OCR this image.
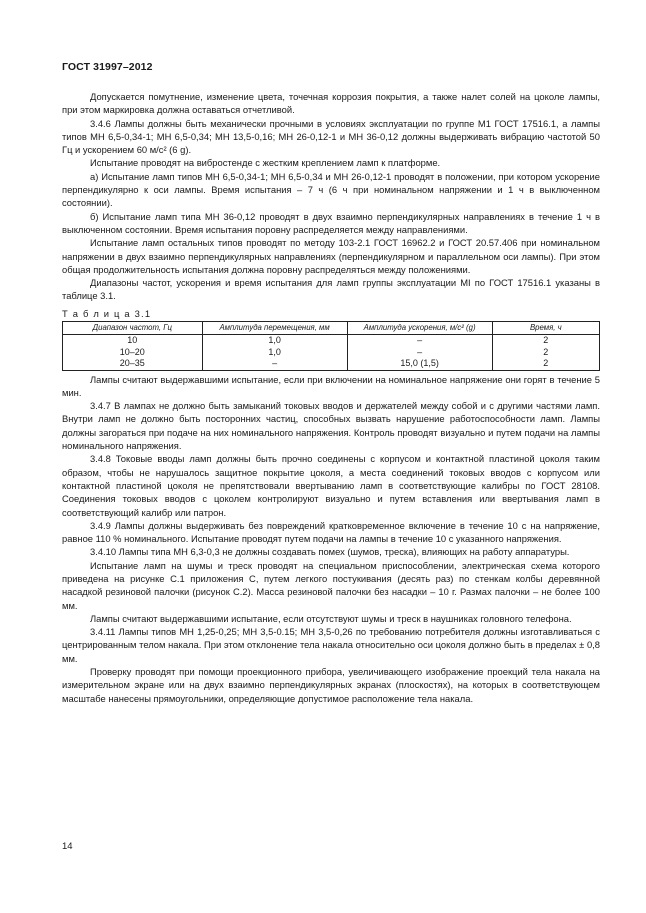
ГОСТ 31997–2012

Допускается помутнение, изменение цвета, точечная коррозия покрытия, а также налет солей на цоколе лампы, при этом маркировка должна оставаться отчетливой.

3.4.6 Лампы должны быть механически прочными в условиях эксплуатации по группе М1 ГОСТ 17516.1, а лампы типов МН 6,5-0,34-1; МН 6,5-0,34; МН 13,5-0,16; МН 26-0,12-1 и МН 36-0,12 должны выдерживать вибрацию частотой 50 Гц и ускорением 60 м/с² (6 g).

Испытание проводят на вибростенде с жестким креплением ламп к платформе.

а) Испытание ламп типов МН 6,5-0,34-1; МН 6,5-0,34 и МН 26-0,12-1 проводят в положении, при котором ускорение перпендикулярно к оси лампы. Время испытания – 7 ч (6 ч при номинальном напряжении и 1 ч в выключенном состоянии).

б) Испытание ламп типа МН 36-0,12 проводят в двух взаимно перпендикулярных направлениях в течение 1 ч в выключенном состоянии. Время испытания поровну распределяется между направлениями.

Испытание ламп остальных типов проводят по методу 103-2.1 ГОСТ 16962.2 и ГОСТ 20.57.406 при номинальном напряжении в двух взаимно перпендикулярных направлениях (перпендикулярном и параллельном оси лампы). При этом общая продолжительность испытания должна поровну распределяться между положениями.

Диапазоны частот, ускорения и время испытания для ламп группы эксплуатации МI по ГОСТ 17516.1 указаны в таблице 3.1.

Т а б л и ц а 3.1
Диапазон частот, Гц	Амплитуда перемещения, мм	Амплитуда ускорения, м/с² (g)	Время, ч
10	1,0	–	2
10–20	1,0	–	2
20–35	–	15,0 (1,5)	2

Лампы считают выдержавшими испытание, если при включении на номинальное напряжение они горят в течение 5 мин.

3.4.7 В лампах не должно быть замыканий токовых вводов и держателей между собой и с другими частями ламп. Внутри ламп не должно быть посторонних частиц, способных вызвать нарушение работоспособности ламп. Лампы должны загораться при подаче на них номинального напряжения. Контроль проводят визуально и путем подачи на лампы номинального напряжения.

3.4.8 Токовые вводы ламп должны быть прочно соединены с корпусом и контактной пластиной цоколя таким образом, чтобы не нарушалось защитное покрытие цоколя, а места соединений токовых вводов с корпусом или контактной пластиной цоколя не препятствовали ввертыванию ламп в соответствующие калибры по ГОСТ 28108. Соединения токовых вводов с цоколем контролируют визуально и путем вставления или ввертывания ламп в соответствующий калибр или патрон.

3.4.9 Лампы должны выдерживать без повреждений кратковременное включение в течение 10 с на напряжение, равное 110 % номинального. Испытание проводят путем подачи на лампы в течение 10 с указанного напряжения.

3.4.10 Лампы типа МН 6,3-0,3 не должны создавать помех (шумов, треска), влияющих на работу аппаратуры.

Испытание ламп на шумы и треск проводят на специальном приспособлении, электрическая схема которого приведена на рисунке С.1 приложения С, путем легкого постукивания (десять раз) по стенкам колбы деревянной насадкой резиновой палочки (рисунок С.2). Масса резиновой палочки без насадки – 10 г. Размах палочки – не более 100 мм.

Лампы считают выдержавшими испытание, если отсутствуют шумы и треск в наушниках головного телефона.

3.4.11 Лампы типов МН 1,25-0,25; МН 3,5-0.15; МН 3,5-0,26 по требованию потребителя должны изготавливаться с центрированным телом накала. При этом отклонение тела накала относительно оси цоколя должно быть в пределах ± 0,8 мм.

Проверку проводят при помощи проекционного прибора, увеличивающего изображение проекций тела накала на измерительном экране или на двух взаимно перпендикулярных экранах (плоскостях), на которых в соответствующем масштабе нанесены прямоугольники, определяющие допустимое расположение тела накала.

14
